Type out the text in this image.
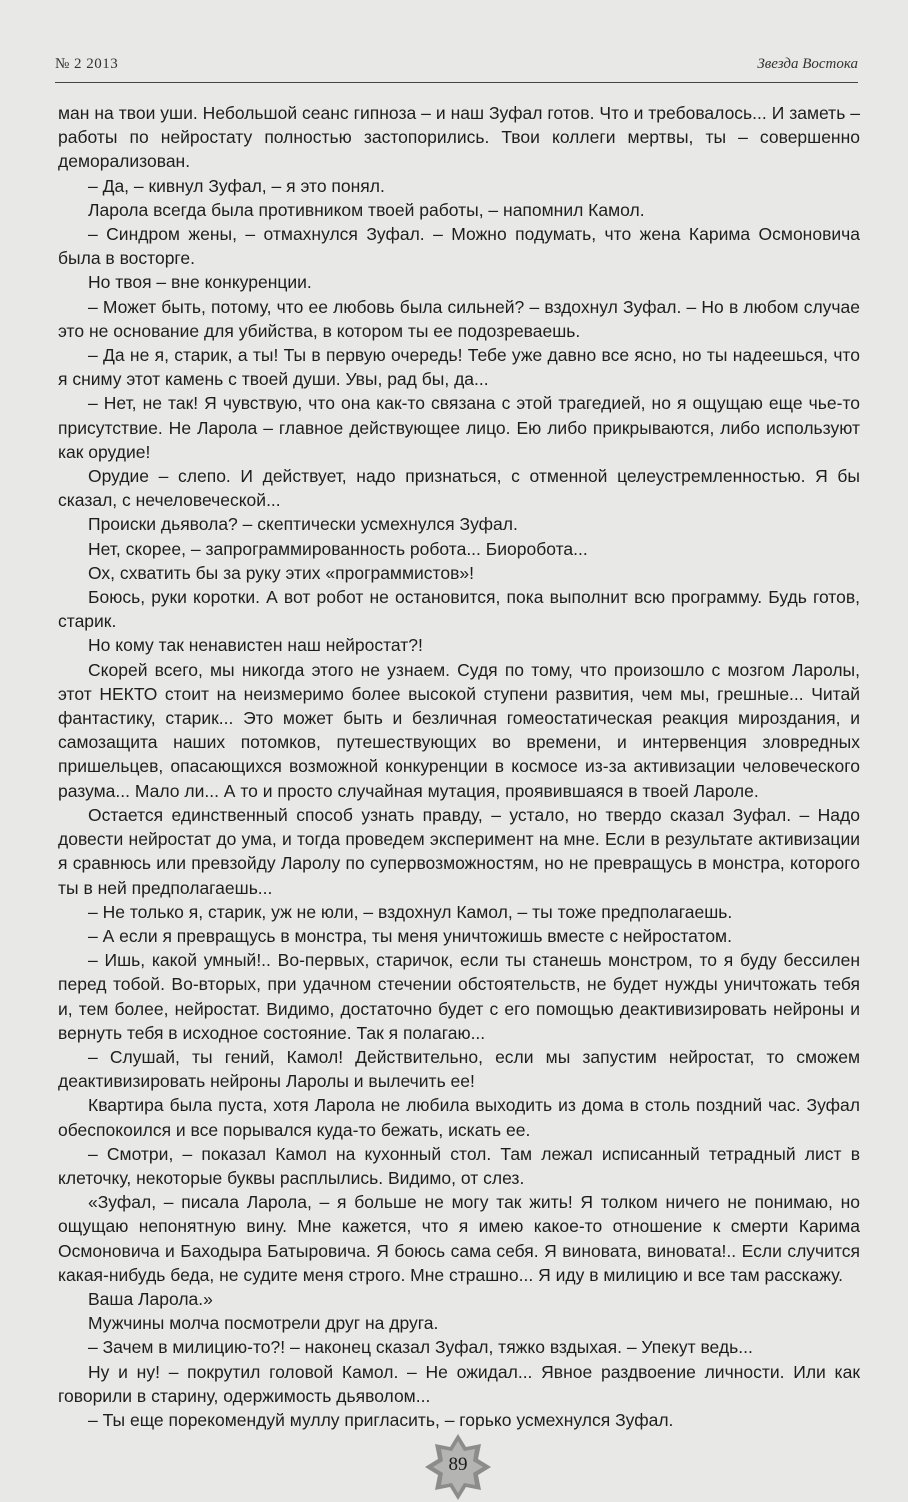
№ 2 2013	Звезда Востока

ман на твои уши. Небольшой сеанс гипноза – и наш Зуфал готов. Что и требовалось... И заметь – работы по нейростату полностью застопорились. Твои коллеги мертвы, ты – совершенно деморализован.

– Да, – кивнул Зуфал, – я это понял.

Ларола всегда была противником твоей работы, – напомнил Камол.

– Синдром жены, – отмахнулся Зуфал. – Можно подумать, что жена Карима Осмоновича была в восторге.

Но твоя – вне конкуренции.

– Может быть, потому, что ее любовь была сильней? – вздохнул Зуфал. – Но в любом случае это не основание для убийства, в котором ты ее подозреваешь.

– Да не я, старик, а ты! Ты в первую очередь! Тебе уже давно все ясно, но ты надеешься, что я сниму этот камень с твоей души. Увы, рад бы, да...

– Нет, не так! Я чувствую, что она как-то связана с этой трагедией, но я ощущаю еще чье-то присутствие. Не Ларола – главное действующее лицо. Ею либо прикрываются, либо используют как орудие!

Орудие – слепо. И действует, надо признаться, с отменной целеустремленностью. Я бы сказал, с нечеловеческой...

Происки дьявола? – скептически усмехнулся Зуфал.

Нет, скорее, – запрограммированность робота... Биоробота...

Ох, схватить бы за руку этих «программистов»!

Боюсь, руки коротки. А вот робот не остановится, пока выполнит всю программу. Будь готов, старик.

Но кому так ненавистен наш нейростат?!

Скорей всего, мы никогда этого не узнаем. Судя по тому, что произошло с мозгом Ларолы, этот НЕКТО стоит на неизмеримо более высокой ступени развития, чем мы, грешные... Читай фантастику, старик... Это может быть и безличная гомеостатическая реакция мироздания, и самозащита наших потомков, путешествующих во времени, и интервенция зловредных пришельцев, опасающихся возможной конкуренции в космосе из-за активизации человеческого разума... Мало ли... А то и просто случайная мутация, проявившаяся в твоей Лароле.

Остается единственный способ узнать правду, – устало, но твердо сказал Зуфал. – Надо довести нейростат до ума, и тогда проведем эксперимент на мне. Если в результате активизации я сравнюсь или превзойду Ларолу по супервозможностям, но не превращусь в монстра, которого ты в ней предполагаешь...

– Не только я, старик, уж не юли, – вздохнул Камол, – ты тоже предполагаешь.

– А если я превращусь в монстра, ты меня уничтожишь вместе с нейростатом.

– Ишь, какой умный!.. Во-первых, старичок, если ты станешь монстром, то я буду бессилен перед тобой. Во-вторых, при удачном стечении обстоятельств, не будет нужды уничтожать тебя и, тем более, нейростат. Видимо, достаточно будет с его помощью деактивизировать нейроны и вернуть тебя в исходное состояние. Так я полагаю...

– Слушай, ты гений, Камол! Действительно, если мы запустим нейростат, то сможем деактивизировать нейроны Ларолы и вылечить ее!

Квартира была пуста, хотя Ларола не любила выходить из дома в столь поздний час. Зуфал обеспокоился и все порывался куда-то бежать, искать ее.

– Смотри, – показал Камол на кухонный стол. Там лежал исписанный тетрадный лист в клеточку, некоторые буквы расплылись. Видимо, от слез.

«Зуфал, – писала Ларола, – я больше не могу так жить! Я толком ничего не понимаю, но ощущаю непонятную вину. Мне кажется, что я имею какое-то отношение к смерти Карима Осмоновича и Баходыра Батыровича. Я боюсь сама себя. Я виновата, виновата!.. Если случится какая-нибудь беда, не судите меня строго. Мне страшно... Я иду в милицию и все там расскажу.

Ваша Ларола.»

Мужчины молча посмотрели друг на друга.

– Зачем в милицию-то?! – наконец сказал Зуфал, тяжко вздыхая. – Упекут ведь...

Ну и ну! – покрутил головой Камол. – Не ожидал... Явное раздвоение личности. Или как говорили в старину, одержимость дьяволом...

– Ты еще порекомендуй муллу пригласить, – горько усмехнулся Зуфал.

89
